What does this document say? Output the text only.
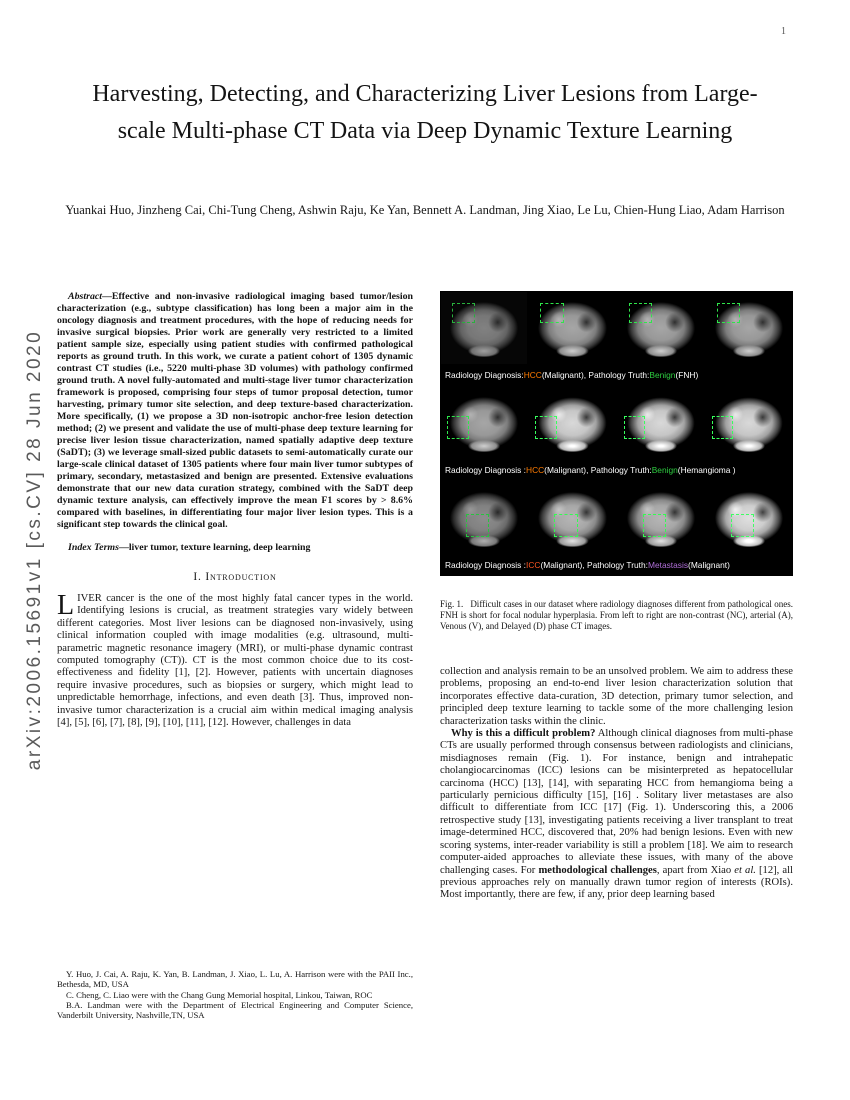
1
arXiv:2006.15691v1 [cs.CV] 28 Jun 2020
Harvesting, Detecting, and Characterizing Liver Lesions from Large-scale Multi-phase CT Data via Deep Dynamic Texture Learning
Yuankai Huo, Jinzheng Cai, Chi-Tung Cheng, Ashwin Raju, Ke Yan, Bennett A. Landman, Jing Xiao, Le Lu, Chien-Hung Liao, Adam Harrison

Abstract—Effective and non-invasive radiological imaging based tumor/lesion characterization (e.g., subtype classification) has long been a major aim in the oncology diagnosis and treatment procedures, with the hope of reducing needs for invasive surgical biopsies. Prior work are generally very restricted to a limited patient sample size, especially using patient studies with confirmed pathological reports as ground truth. In this work, we curate a patient cohort of 1305 dynamic contrast CT studies (i.e., 5220 multi-phase 3D volumes) with pathology confirmed ground truth. A novel fully-automated and multi-stage liver tumor characterization framework is proposed, comprising four steps of tumor proposal detection, tumor harvesting, primary tumor site selection, and deep texture-based characterization. More specifically, (1) we propose a 3D non-isotropic anchor-free lesion detection method; (2) we present and validate the use of multi-phase deep texture learning for precise liver lesion tissue characterization, named spatially adaptive deep texture (SaDT); (3) we leverage small-sized public datasets to semi-automatically curate our large-scale clinical dataset of 1305 patients where four main liver tumor subtypes of primary, secondary, metastasized and benign are presented. Extensive evaluations demonstrate that our new data curation strategy, combined with the SaDT deep dynamic texture analysis, can effectively improve the mean F1 scores by > 8.6% compared with baselines, in differentiating four major liver lesion types. This is a significant step towards the clinical goal.

Index Terms—liver tumor, texture learning, deep learning

I. Introduction

LIVER cancer is the one of the most highly fatal cancer types in the world. Identifying lesions is crucial, as treatment strategies vary widely between different categories. Most liver lesions can be diagnosed non-invasively, using clinical information coupled with image modalities (e.g. ultrasound, multi-parametric magnetic resonance imagery (MRI), or multi-phase dynamic contrast computed tomography (CT)). CT is the most common choice due to its cost-effectiveness and fidelity [1], [2]. However, patients with uncertain diagnoses require invasive procedures, such as biopsies or surgery, which might lead to unpredictable hemorrhage, infections, and even death [3]. Thus, improved non-invasive tumor characterization is a crucial aim within medical imaging analysis [4], [5], [6], [7], [8], [9], [10], [11], [12]. However, challenges in data

Y. Huo, J. Cai, A. Raju, K. Yan, B. Landman, J. Xiao, L. Lu, A. Harrison were with the PAII Inc., Bethesda, MD, USA

C. Cheng, C. Liao were with the Chang Gung Memorial hospital, Linkou, Taiwan, ROC

B.A. Landman were with the Department of Electrical Engineering and Computer Science, Vanderbilt University, Nashville,TN, USA

Radiology Diagnosis: HCC (Malignant), Pathology Truth: Benign (FNH)
Radiology Diagnosis : HCC (Malignant), Pathology Truth: Benign (Hemangioma )
Radiology Diagnosis : ICC (Malignant), Pathology Truth: Metastasis (Malignant)

Fig. 1. Difficult cases in our dataset where radiology diagnoses different from pathological ones. FNH is short for focal nodular hyperplasia. From left to right are non-contrast (NC), arterial (A), Venous (V), and Delayed (D) phase CT images.

collection and analysis remain to be an unsolved problem. We aim to address these problems, proposing an end-to-end liver lesion characterization solution that incorporates effective data-curation, 3D detection, primary tumor selection, and principled deep texture learning to tackle some of the more challenging lesion characterization tasks within the clinic.

Why is this a difficult problem? Although clinical diagnoses from multi-phase CTs are usually performed through consensus between radiologists and clinicians, misdiagnoses remain (Fig. 1). For instance, benign and intrahepatic cholangiocarcinomas (ICC) lesions can be misinterpreted as hepatocellular carcinoma (HCC) [13], [14], with separating HCC from hemangioma being a particularly pernicious difficulty [15], [16] . Solitary liver metastases are also difficult to differentiate from ICC [17] (Fig. 1). Underscoring this, a 2006 retrospective study [13], investigating patients receiving a liver transplant to treat image-determined HCC, discovered that, 20% had benign lesions. Even with new scoring systems, inter-reader variability is still a problem [18]. We aim to research computer-aided approaches to alleviate these issues, with many of the above challenging cases. For methodological challenges, apart from Xiao et al. [12], all previous approaches rely on manually drawn tumor region of interests (ROIs). Most importantly, there are few, if any, prior deep learning based
